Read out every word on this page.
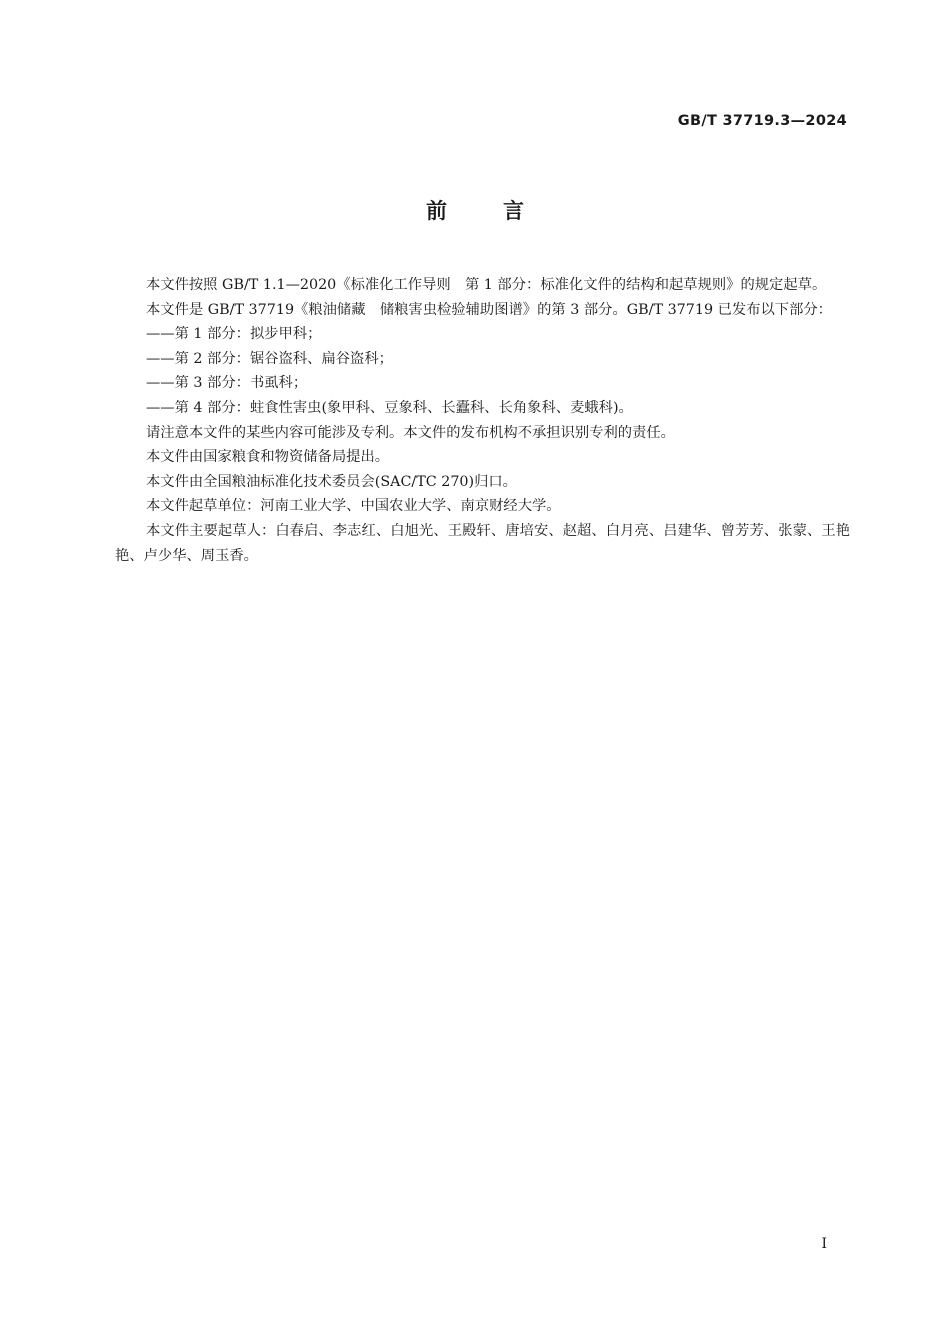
GB/T 37719.3—2024
前言

本文件按照 GB/T 1.1—2020《标准化工作导则　第 1 部分：标准化文件的结构和起草规则》的规定起草。

本文件是 GB/T 37719《粮油储藏　储粮害虫检验辅助图谱》的第 3 部分。GB/T 37719 已发布以下部分：

——第 1 部分：拟步甲科；

——第 2 部分：锯谷盗科、扁谷盗科；

——第 3 部分：书虱科；

——第 4 部分：蛀食性害虫(象甲科、豆象科、长蠹科、长角象科、麦蛾科)。

请注意本文件的某些内容可能涉及专利。本文件的发布机构不承担识别专利的责任。

本文件由国家粮食和物资储备局提出。

本文件由全国粮油标准化技术委员会(SAC/TC 270)归口。

本文件起草单位：河南工业大学、中国农业大学、南京财经大学。

本文件主要起草人：白春启、李志红、白旭光、王殿轩、唐培安、赵超、白月亮、吕建华、曾芳芳、张蒙、王艳艳、卢少华、周玉香。

I
